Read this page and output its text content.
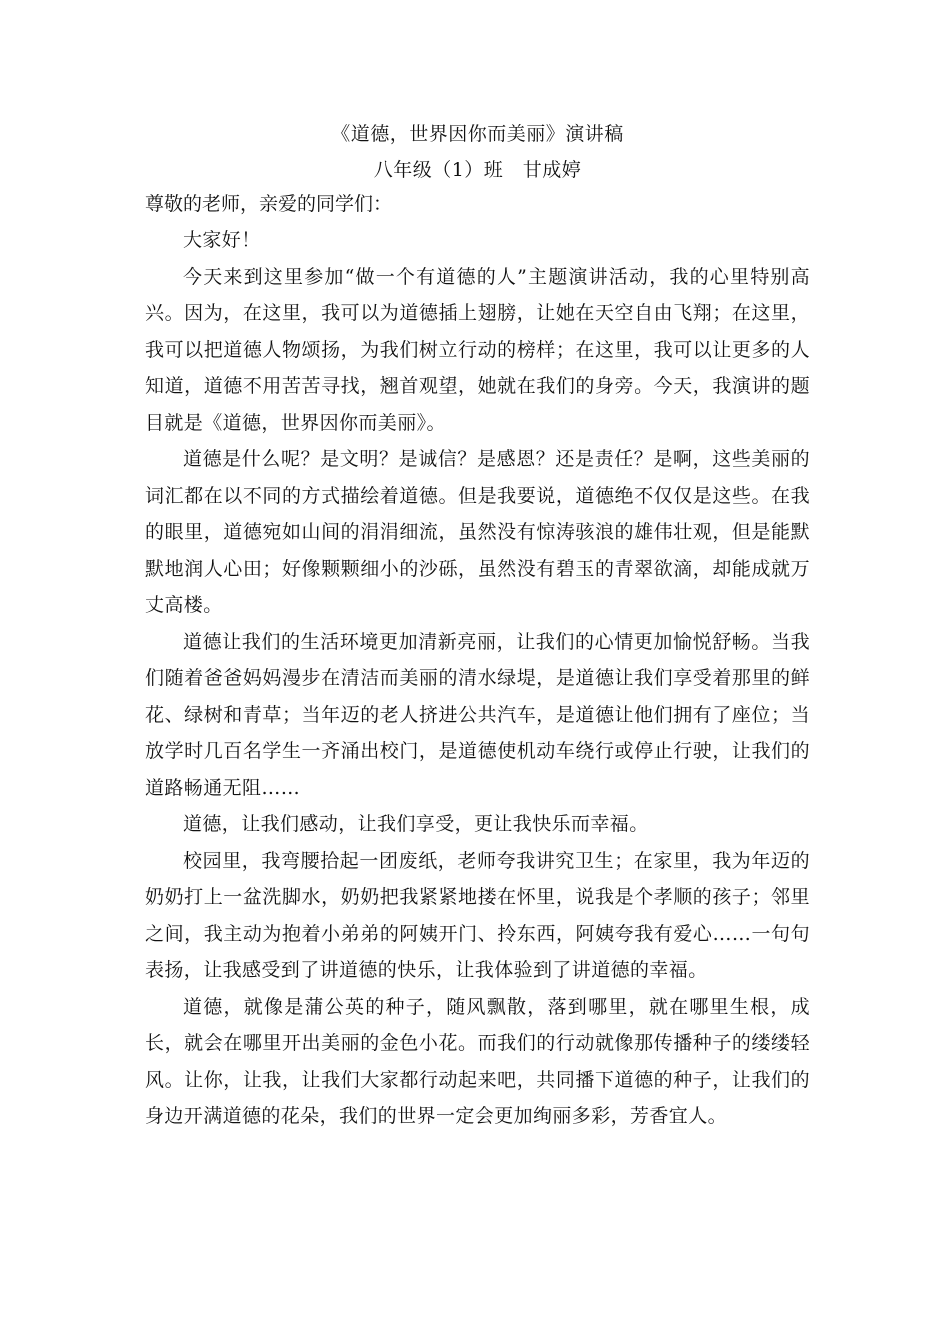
《道德，世界因你而美丽》演讲稿
八年级（1）班　甘成婷
尊敬的老师，亲爱的同学们：

大家好！

今天来到这里参加“做一个有道德的人”主题演讲活动，我的心里特别高兴。因为，在这里，我可以为道德插上翅膀，让她在天空自由飞翔；在这里，我可以把道德人物颂扬，为我们树立行动的榜样；在这里，我可以让更多的人知道，道德不用苦苦寻找，翘首观望，她就在我们的身旁。今天，我演讲的题目就是《道德，世界因你而美丽》。

道德是什么呢？是文明？是诚信？是感恩？还是责任？是啊，这些美丽的词汇都在以不同的方式描绘着道德。但是我要说，道德绝不仅仅是这些。在我的眼里，道德宛如山间的涓涓细流，虽然没有惊涛骇浪的雄伟壮观，但是能默默地润人心田；好像颗颗细小的沙砾，虽然没有碧玉的青翠欲滴，却能成就万丈高楼。

道德让我们的生活环境更加清新亮丽，让我们的心情更加愉悦舒畅。当我们随着爸爸妈妈漫步在清洁而美丽的清水绿堤，是道德让我们享受着那里的鲜花、绿树和青草；当年迈的老人挤进公共汽车，是道德让他们拥有了座位；当放学时几百名学生一齐涌出校门，是道德使机动车绕行或停止行驶，让我们的道路畅通无阻……

道德，让我们感动，让我们享受，更让我快乐而幸福。

校园里，我弯腰拾起一团废纸，老师夸我讲究卫生；在家里，我为年迈的奶奶打上一盆洗脚水，奶奶把我紧紧地搂在怀里，说我是个孝顺的孩子；邻里之间，我主动为抱着小弟弟的阿姨开门、拎东西，阿姨夸我有爱心……一句句表扬，让我感受到了讲道德的快乐，让我体验到了讲道德的幸福。

道德，就像是蒲公英的种子，随风飘散，落到哪里，就在哪里生根，成长，就会在哪里开出美丽的金色小花。而我们的行动就像那传播种子的缕缕轻风。让你，让我，让我们大家都行动起来吧，共同播下道德的种子，让我们的身边开满道德的花朵，我们的世界一定会更加绚丽多彩，芳香宜人。
